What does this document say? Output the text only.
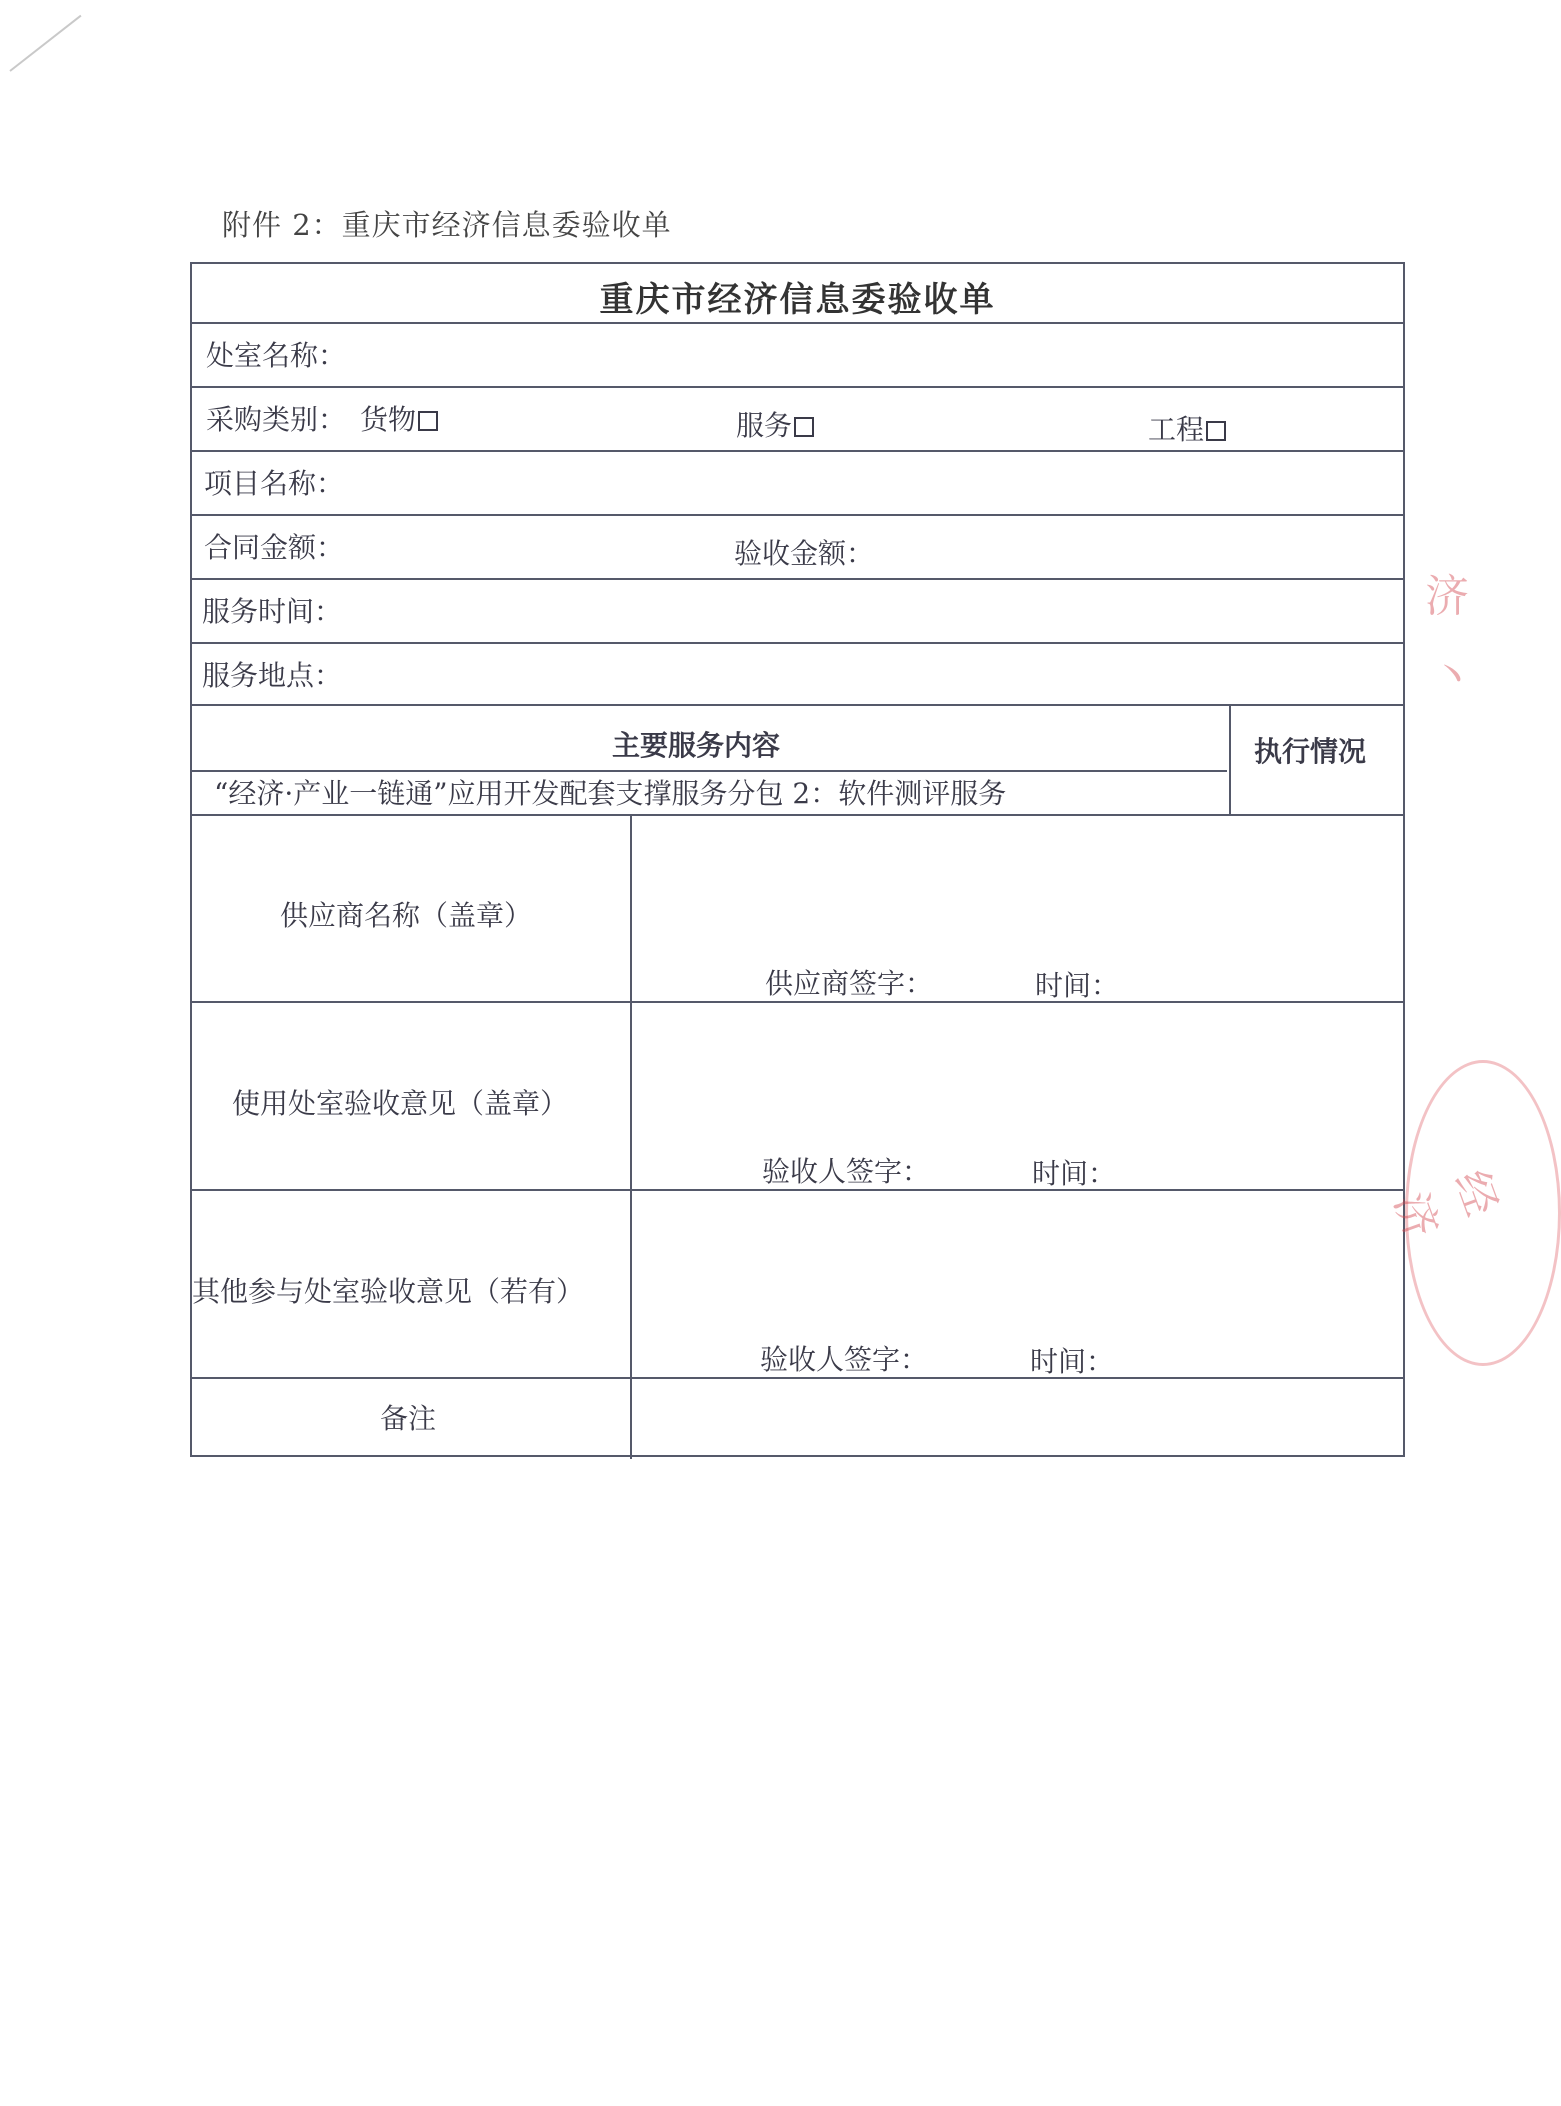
附件 2：重庆市经济信息委验收单
重庆市经济信息委验收单
处室名称：
采购类别： 货物	服务	工程
项目名称：
合同金额：	验收金额：
服务时间：
服务地点：
主要服务内容	执行情况
“经济·产业一链通”应用开发配套支撑服务分包 2：软件测评服务
供应商名称（盖章）
供应商签字：	时间：
使用处室验收意见（盖章）
验收人签字：	时间：
其他参与处室验收意见（若有）
验收人签字：	时间：
备注
济
丶
经济
